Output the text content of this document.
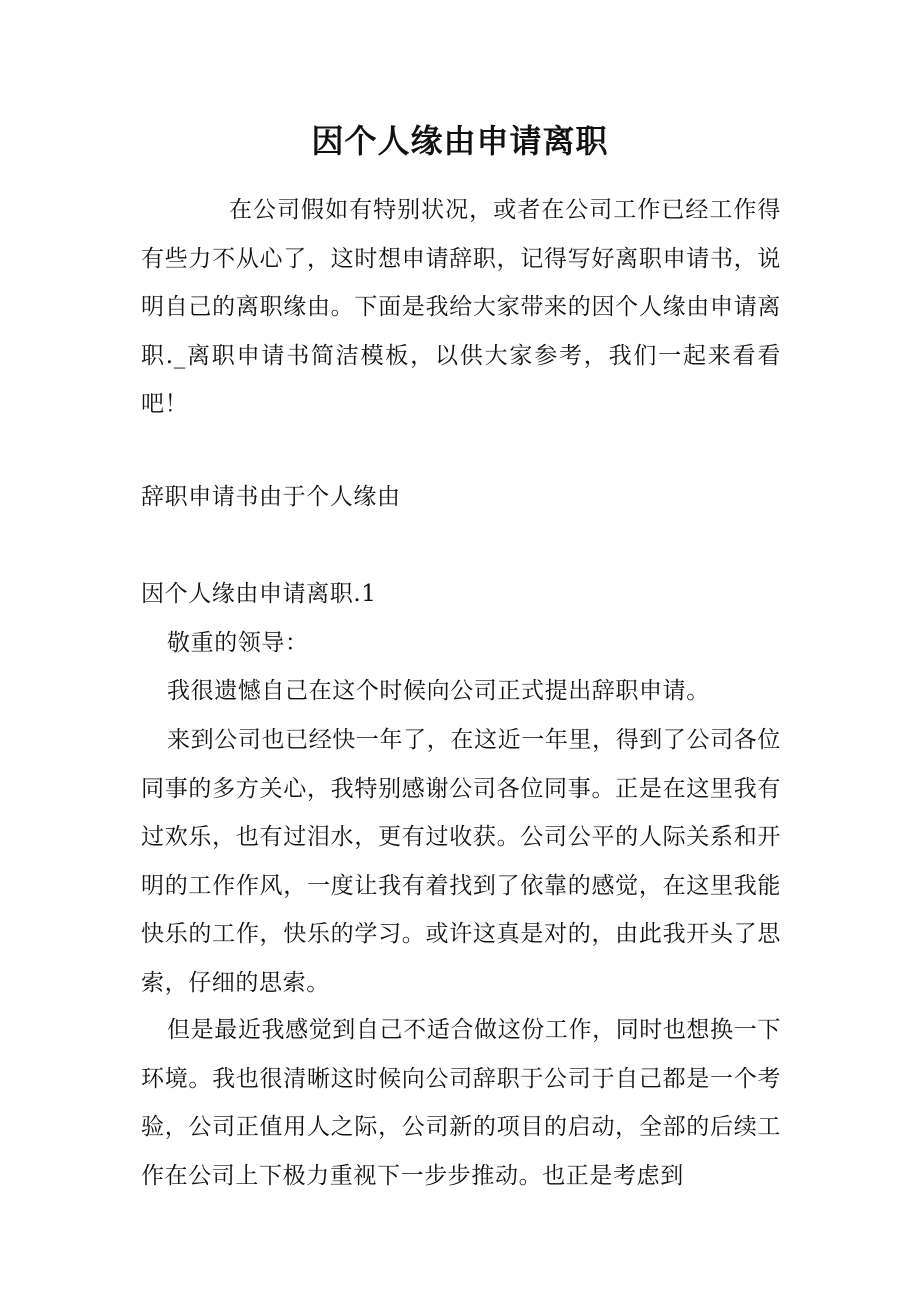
因个人缘由申请离职

在公司假如有特别状况，或者在公司工作已经工作得有些力不从心了，这时想申请辞职，记得写好离职申请书，说明自己的离职缘由。下面是我给大家带来的因个人缘由申请离职._离职申请书简洁模板，以供大家参考，我们一起来看看吧！

辞职申请书由于个人缘由

因个人缘由申请离职.1

敬重的领导：

我很遗憾自己在这个时候向公司正式提出辞职申请。

来到公司也已经快一年了，在这近一年里，得到了公司各位同事的多方关心，我特别感谢公司各位同事。正是在这里我有过欢乐，也有过泪水，更有过收获。公司公平的人际关系和开明的工作作风，一度让我有着找到了依靠的感觉，在这里我能快乐的工作，快乐的学习。或许这真是对的，由此我开头了思索，仔细的思索。

但是最近我感觉到自己不适合做这份工作，同时也想换一下环境。我也很清晰这时候向公司辞职于公司于自己都是一个考验，公司正值用人之际，公司新的项目的启动，全部的后续工作在公司上下极力重视下一步步推动。也正是考虑到
